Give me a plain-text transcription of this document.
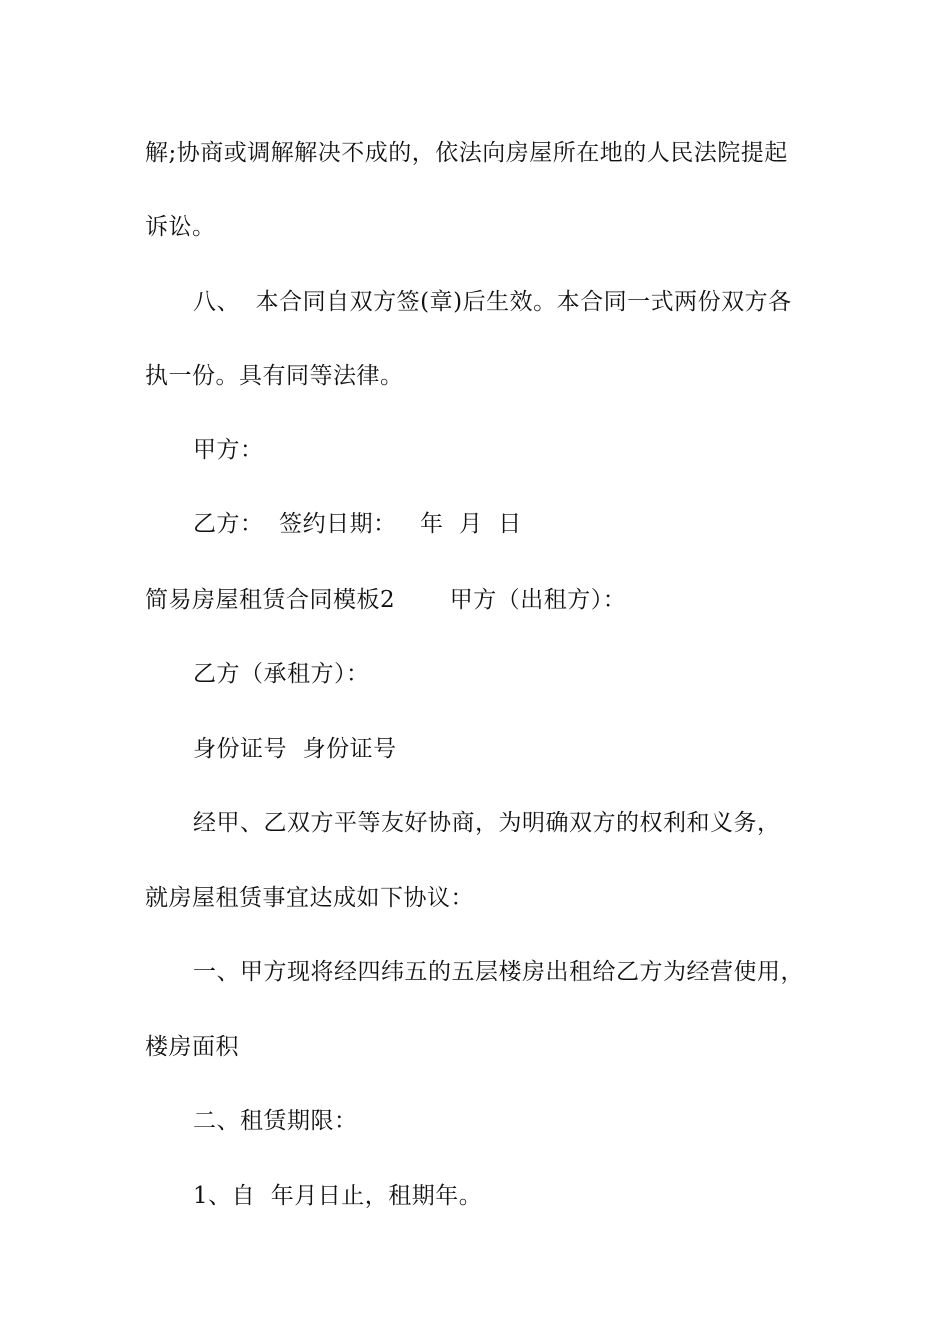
解;协商或调解解决不成的，依法向房屋所在地的人民法院提起
诉讼。
八、  本合同自双方签(章)后生效。本合同一式两份双方各
执一份。具有同等法律。
甲方：
乙方：  签约日期：   年  月  日
简易房屋租赁合同模板2       甲方（出租方）：
乙方（承租方）：
身份证号  身份证号
经甲、乙双方平等友好协商，为明确双方的权利和义务，
就房屋租赁事宜达成如下协议：
一、甲方现将经四纬五的五层楼房出租给乙方为经营使用，
楼房面积
二、租赁期限：
1、自  年月日止，租期年。
